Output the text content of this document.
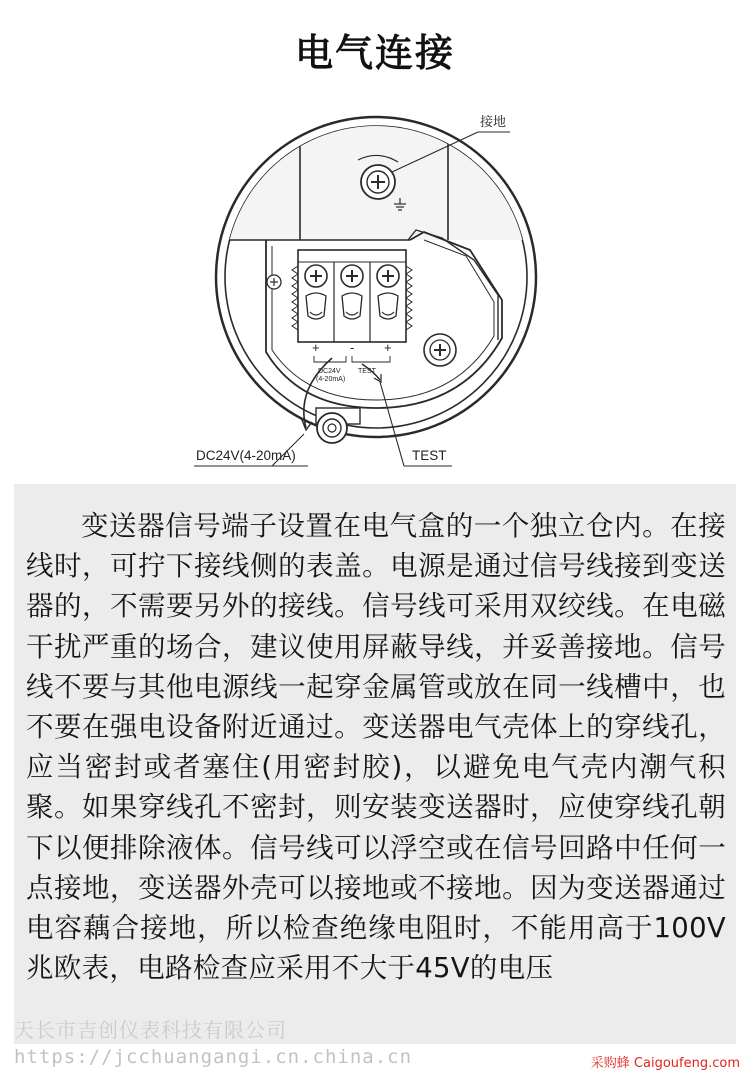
电气连接
接地
+ - +
DC24V
(4-20mA)
TEST
DC24V(4-20mA)	TEST

变送器信号端子设置在电气盒的一个独立仓内。在接线时，可拧下接线侧的表盖。电源是通过信号线接到变送器的，不需要另外的接线。信号线可采用双绞线。在电磁干扰严重的场合，建议使用屏蔽导线，并妥善接地。信号线不要与其他电源线一起穿金属管或放在同一线槽中，也不要在强电设备附近通过。变送器电气壳体上的穿线孔，应当密封或者塞住(用密封胶)，以避免电气壳内潮气积聚。如果穿线孔不密封，则安装变送器时，应使穿线孔朝下以便排除液体。信号线可以浮空或在信号回路中任何一点接地，变送器外壳可以接地或不接地。因为变送器通过电容藕合接地，所以检查绝缘电阻时，不能用高于100V兆欧表，电路检查应采用不大于45V的电压

天长市吉创仪表科技有限公司
https://jcchuangangi.cn.china.cn	采购蜂 Caigoufeng.com
